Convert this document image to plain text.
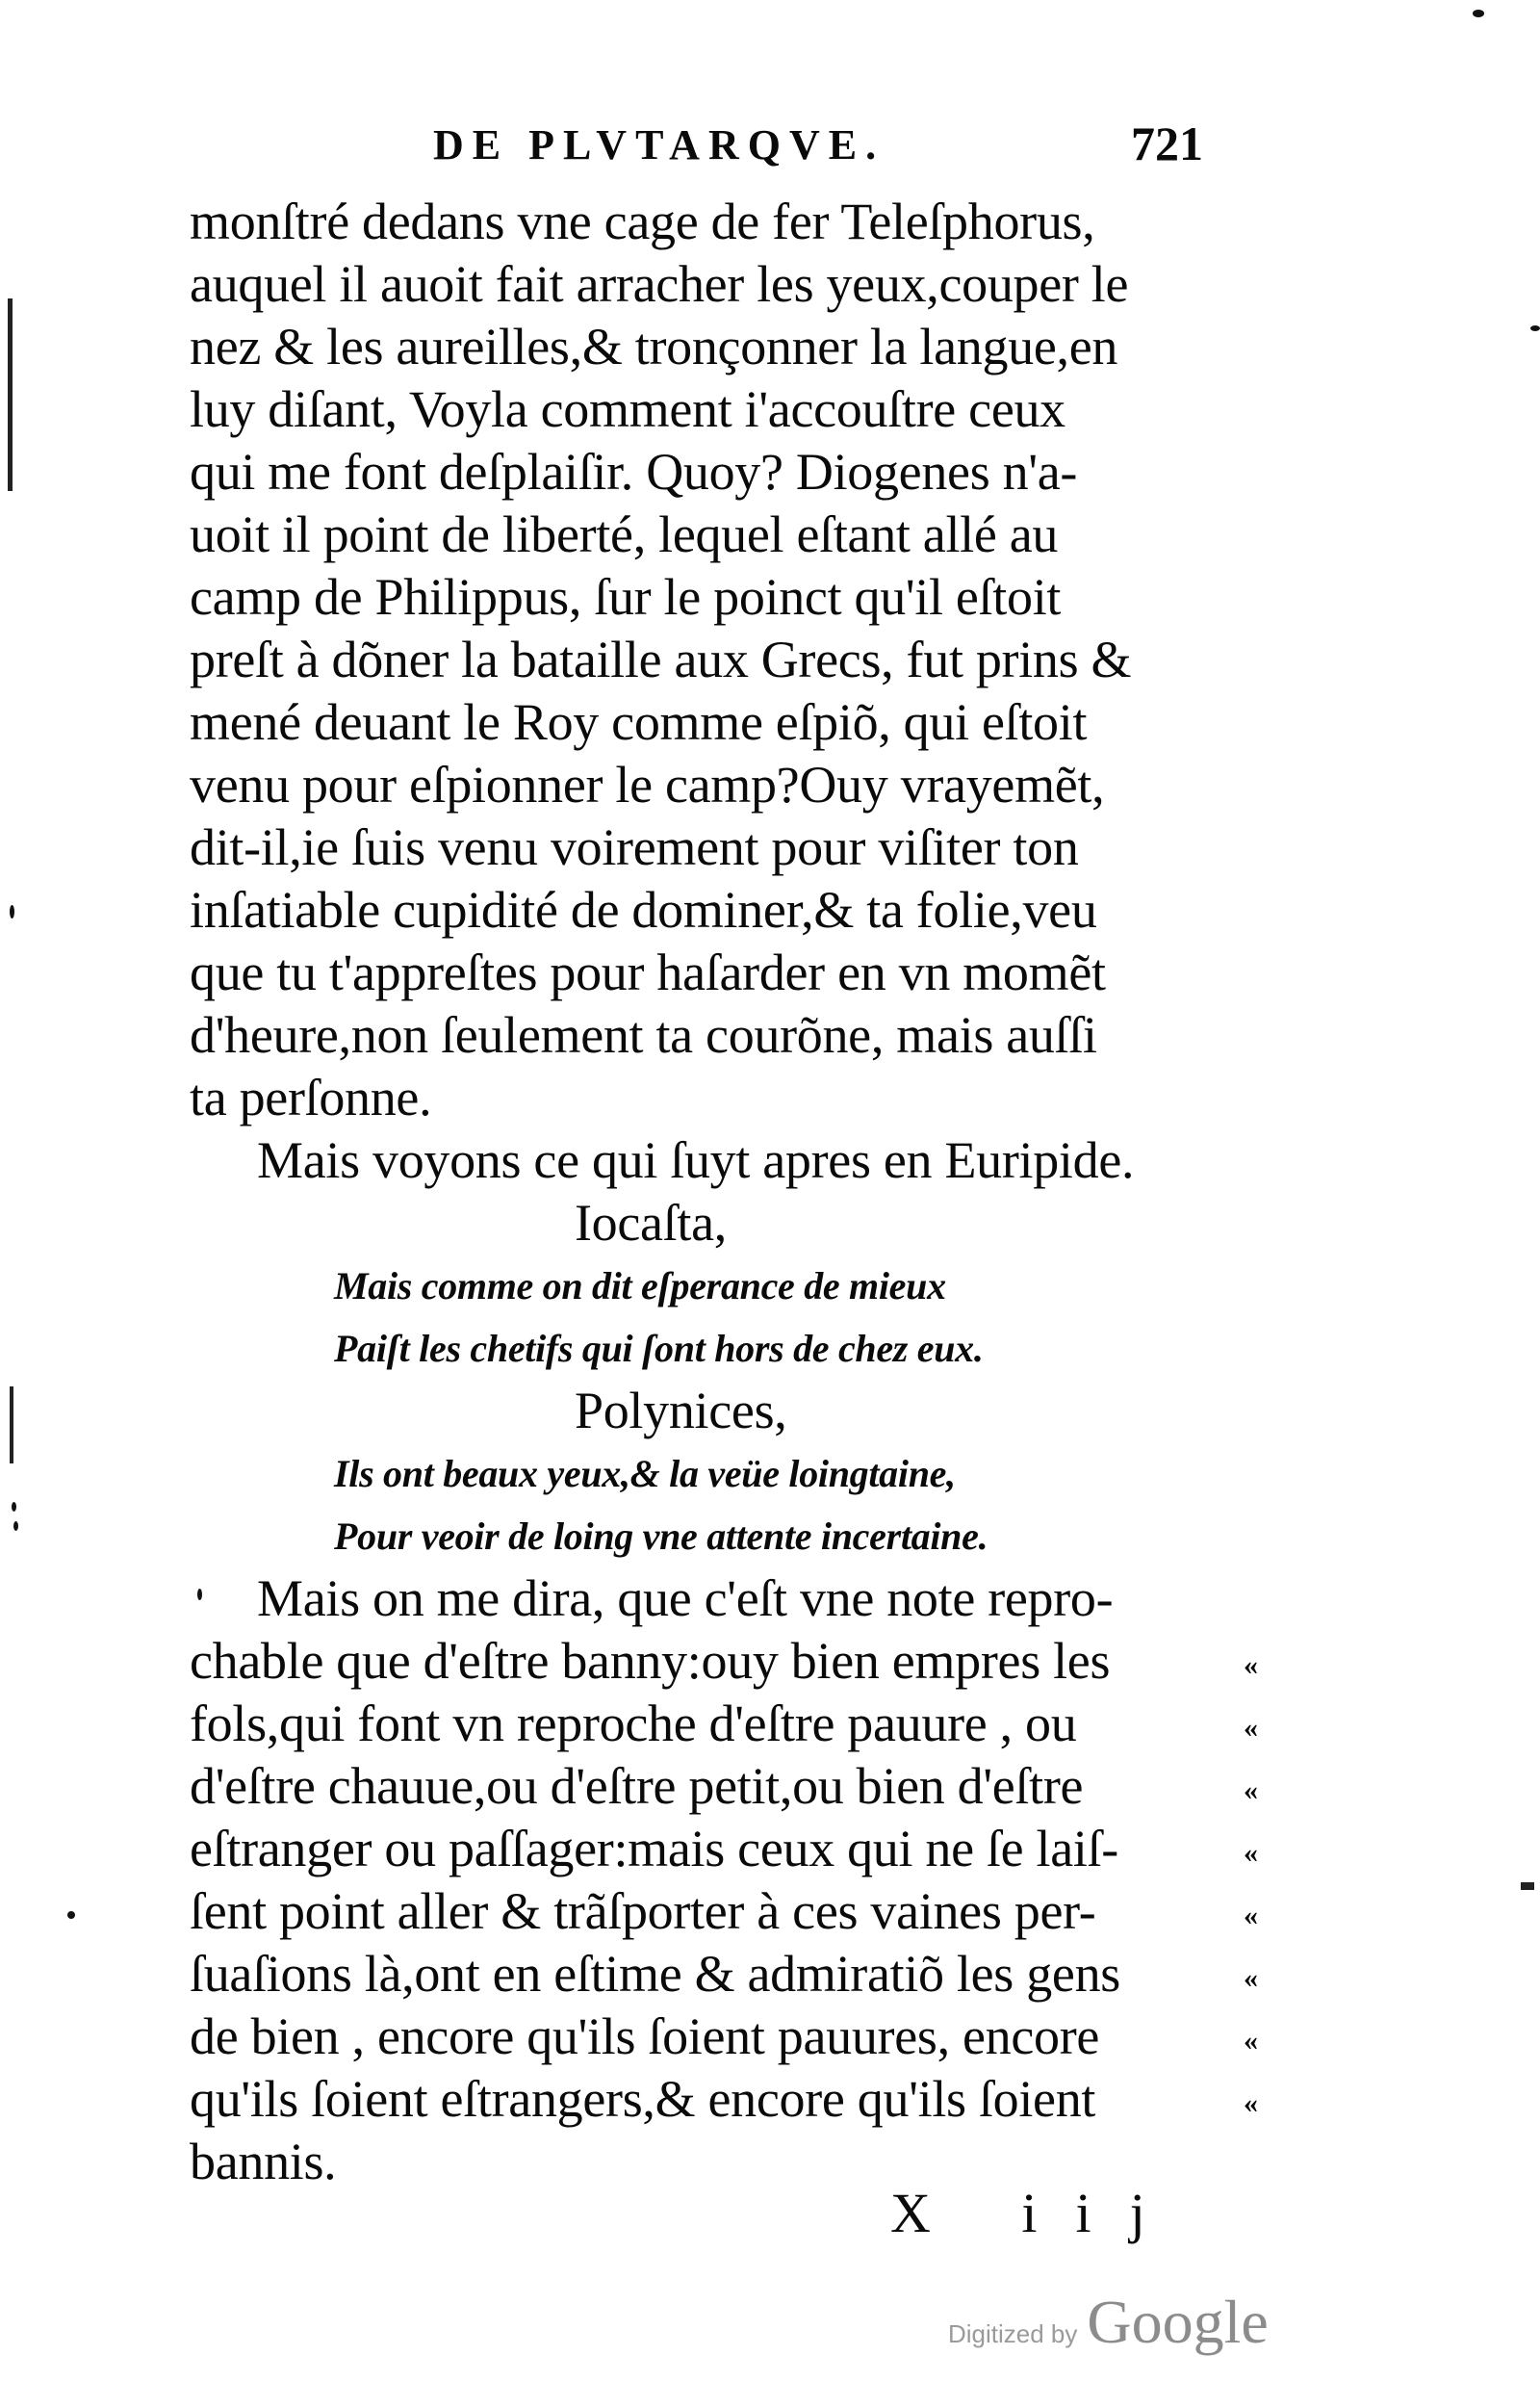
DE PLVTARQVE.	721
monſtré dedans vne cage de fer Teleſphorus,
auquel il auoit fait arracher les yeux,couper le
nez & les aureilles,& tronçonner la langue,en
luy diſant, Voyla comment i'accouſtre ceux
qui me font deſplaiſir. Quoy? Diogenes n'a-
uoit il point de liberté, lequel eſtant allé au
camp de Philippus, ſur le poinct qu'il eſtoit
preſt à dõner la bataille aux Grecs, fut prins &
mené deuant le Roy comme eſpiõ, qui eſtoit
venu pour eſpionner le camp?Ouy vrayemẽt,
dit-il,ie ſuis venu voirement pour viſiter ton
inſatiable cupidité de dominer,& ta folie,veu
que tu t'appreſtes pour haſarder en vn momẽt
d'heure,non ſeulement ta courõne, mais auſſi
ta perſonne.
Mais voyons ce qui ſuyt apres en Euripide.
Iocaſta,
Mais comme on dit eſperance de mieux
Paiſt les chetifs qui ſont hors de chez eux.
Polynices,
Ils ont beaux yeux,& la veüe loingtaine,
Pour veoir de loing vne attente incertaine.
Mais on me dira, que c'eſt vne note repro-
chable que d'eſtre banny:ouy bien empres les	«
fols,qui font vn reproche d'eſtre pauure , ou	«
d'eſtre chauue,ou d'eſtre petit,ou bien d'eſtre	«
eſtranger ou paſſager:mais ceux qui ne ſe laiſ-	«
ſent point aller & trãſporter à ces vaines per-	«
ſuaſions là,ont en eſtime & admiratiõ les gens	«
de bien , encore qu'ils ſoient pauures, encore	«
qu'ils ſoient eſtrangers,& encore qu'ils ſoient	«
bannis.
X iij
Digitized by Google
